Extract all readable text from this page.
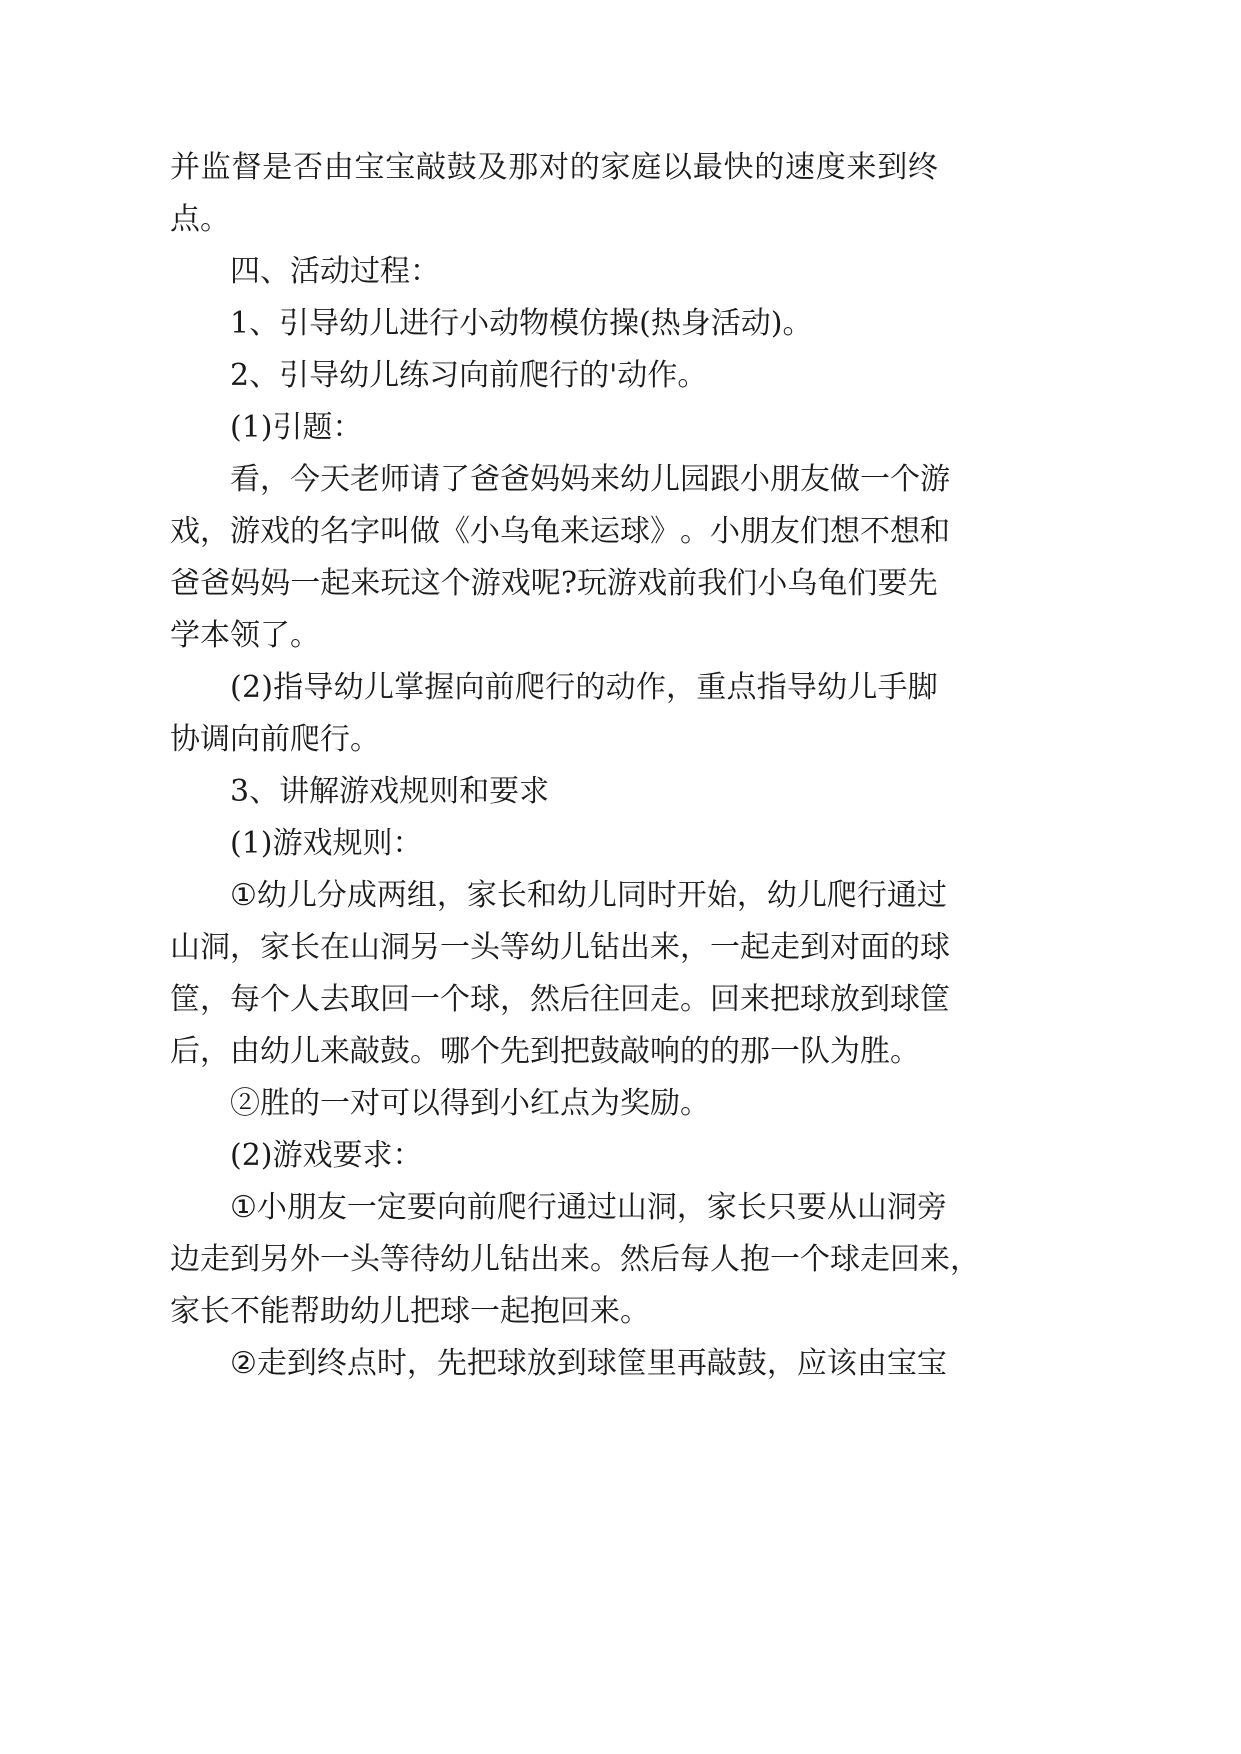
并 监 督 是 否 由 宝 宝 敲 鼓 及 那 对 的 家 庭 以 最 快 的 速 度 来 到 终
点。
四、活动过程：
1、引导幼儿进行小动物模仿操(热身活动)。
2、引导幼儿练习向前爬行的'动作。
(1)引题：
看 ， 今 天 老 师 请 了 爸 爸 妈 妈 来 幼 儿 园 跟 小 朋 友 做 一 个 游
戏 ， 游 戏 的 名 字 叫 做 《 小 乌 龟 来 运 球 》 。 小 朋 友 们 想 不 想 和
爸 爸 妈 妈 一 起 来 玩 这 个 游 戏 呢 ? 玩 游 戏 前 我 们 小 乌 龟 们 要 先
学本领了。
( 2 ) 指 导 幼 儿 掌 握 向 前 爬 行 的 动 作 ， 重 点 指 导 幼 儿 手 脚
协调向前爬行。
3、讲解游戏规则和要求
(1)游戏规则：
① 幼 儿 分 成 两 组 ， 家 长 和 幼 儿 同 时 开 始 ， 幼 儿 爬 行 通 过
山 洞 ， 家 长 在 山 洞 另 一 头 等 幼 儿 钻 出 来 ， 一 起 走 到 对 面 的 球
筐 ， 每 个 人 去 取 回 一 个 球 ， 然 后 往 回 走 。 回 来 把 球 放 到 球 筐
后，由幼儿来敲鼓。哪个先到把鼓敲响的的那一队为胜。
②胜的一对可以得到小红点为奖励。
(2)游戏要求：
① 小 朋 友 一 定 要 向 前 爬 行 通 过 山 洞 ， 家 长 只 要 从 山 洞 旁
边 走 到 另 外 一 头 等 待 幼 儿 钻 出 来 。 然 后 每 人 抱 一 个 球 走 回 来 ，
家长不能帮助幼儿把球一起抱回来。
② 走 到 终 点 时 ， 先 把 球 放 到 球 筐 里 再 敲 鼓 ， 应 该 由 宝 宝
